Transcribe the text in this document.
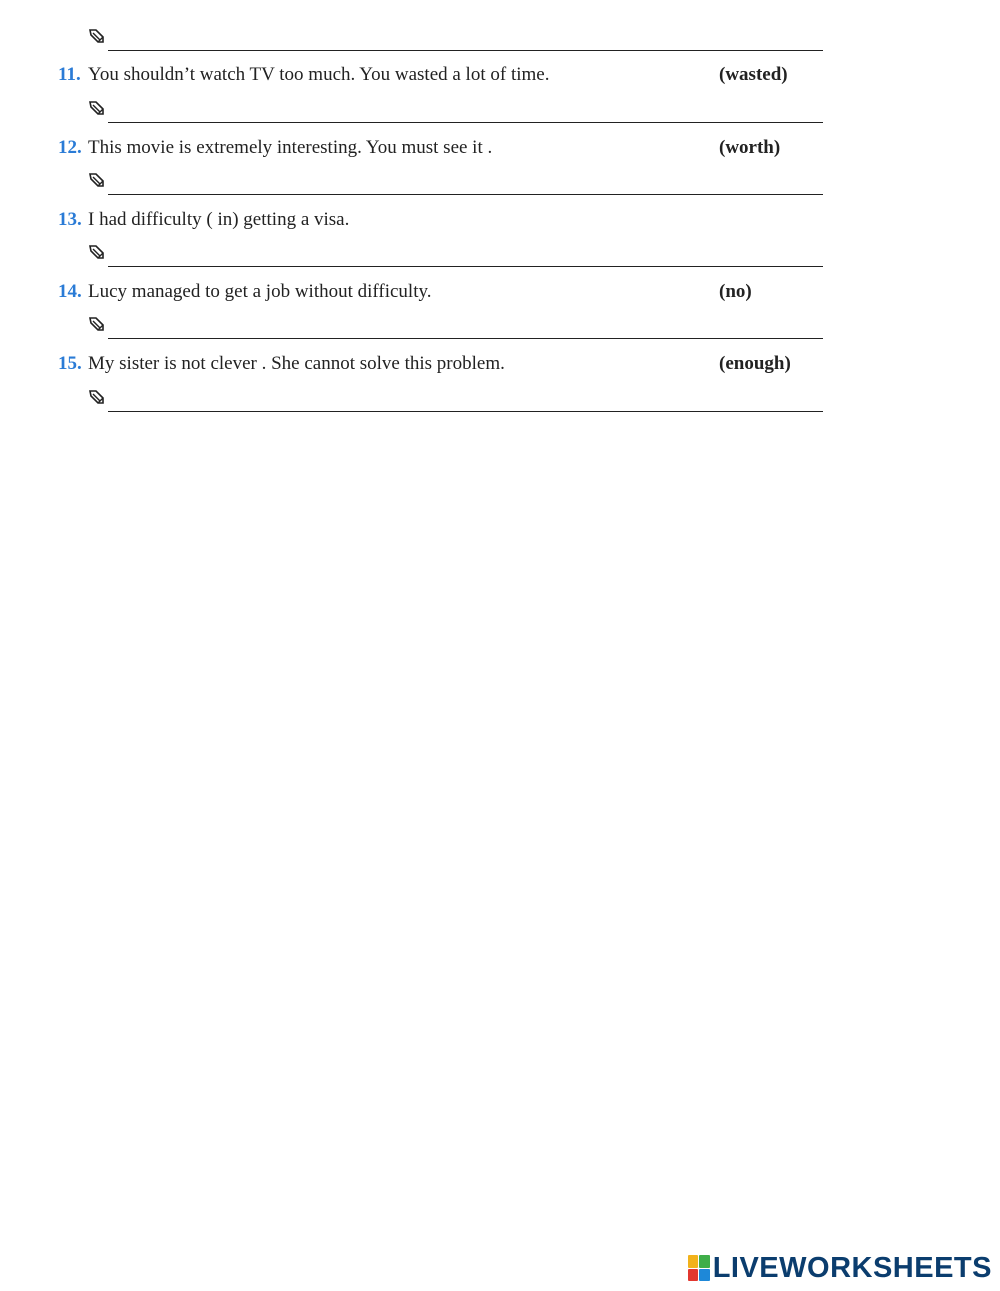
11. You shouldn’t watch TV too much. You wasted a lot of time.	(wasted)
12. This movie is extremely interesting. You must see it .	(worth)
13. I had difficulty ( in) getting a visa.
14. Lucy managed to get a job without difficulty.	(no)
15. My sister is not clever . She cannot solve this problem.	(enough)
LIVEWORKSHEETS
